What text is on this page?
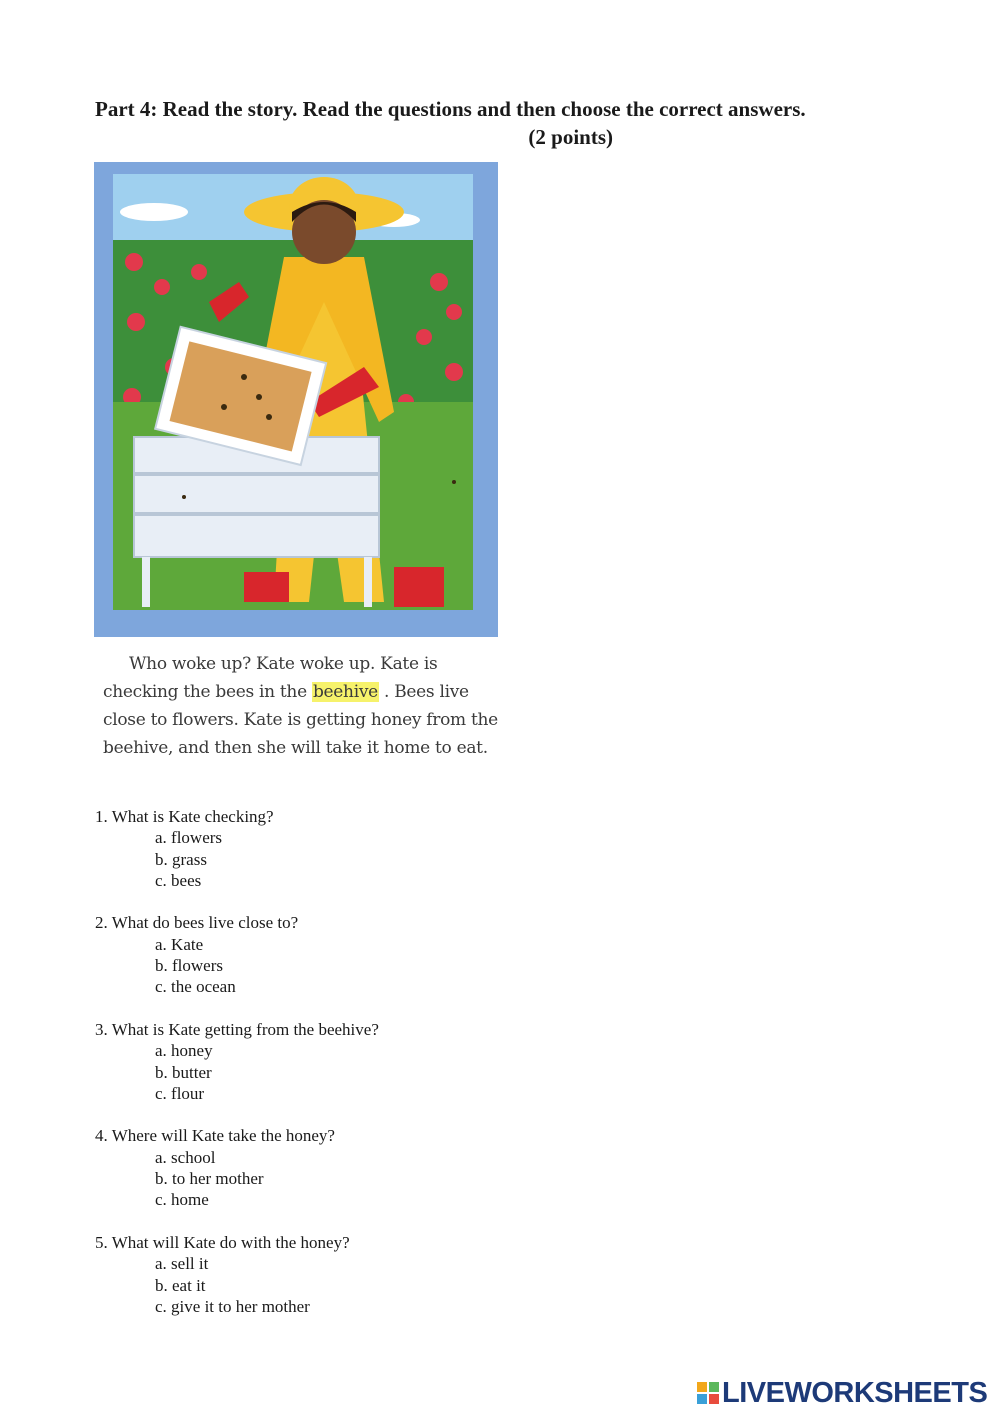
Part 4: Read the story. Read the questions and then choose the correct answers.
(2 points)

Who woke up? Kate woke up. Kate is

checking the bees in the beehive . Bees live

close to flowers. Kate is getting honey from the

beehive, and then she will take it home to eat.

1. What is Kate checking?

a. flowers

b. grass

c. bees

2. What do bees live close to?

a. Kate

b. flowers

c. the ocean

3. What is Kate getting from the beehive?

a. honey

b. butter

c. flour

4. Where will Kate take the honey?

a. school

b. to her mother

c. home

5. What will Kate do with the honey?

a. sell it

b. eat it

c. give it to her mother

LIVEWORKSHEETS
